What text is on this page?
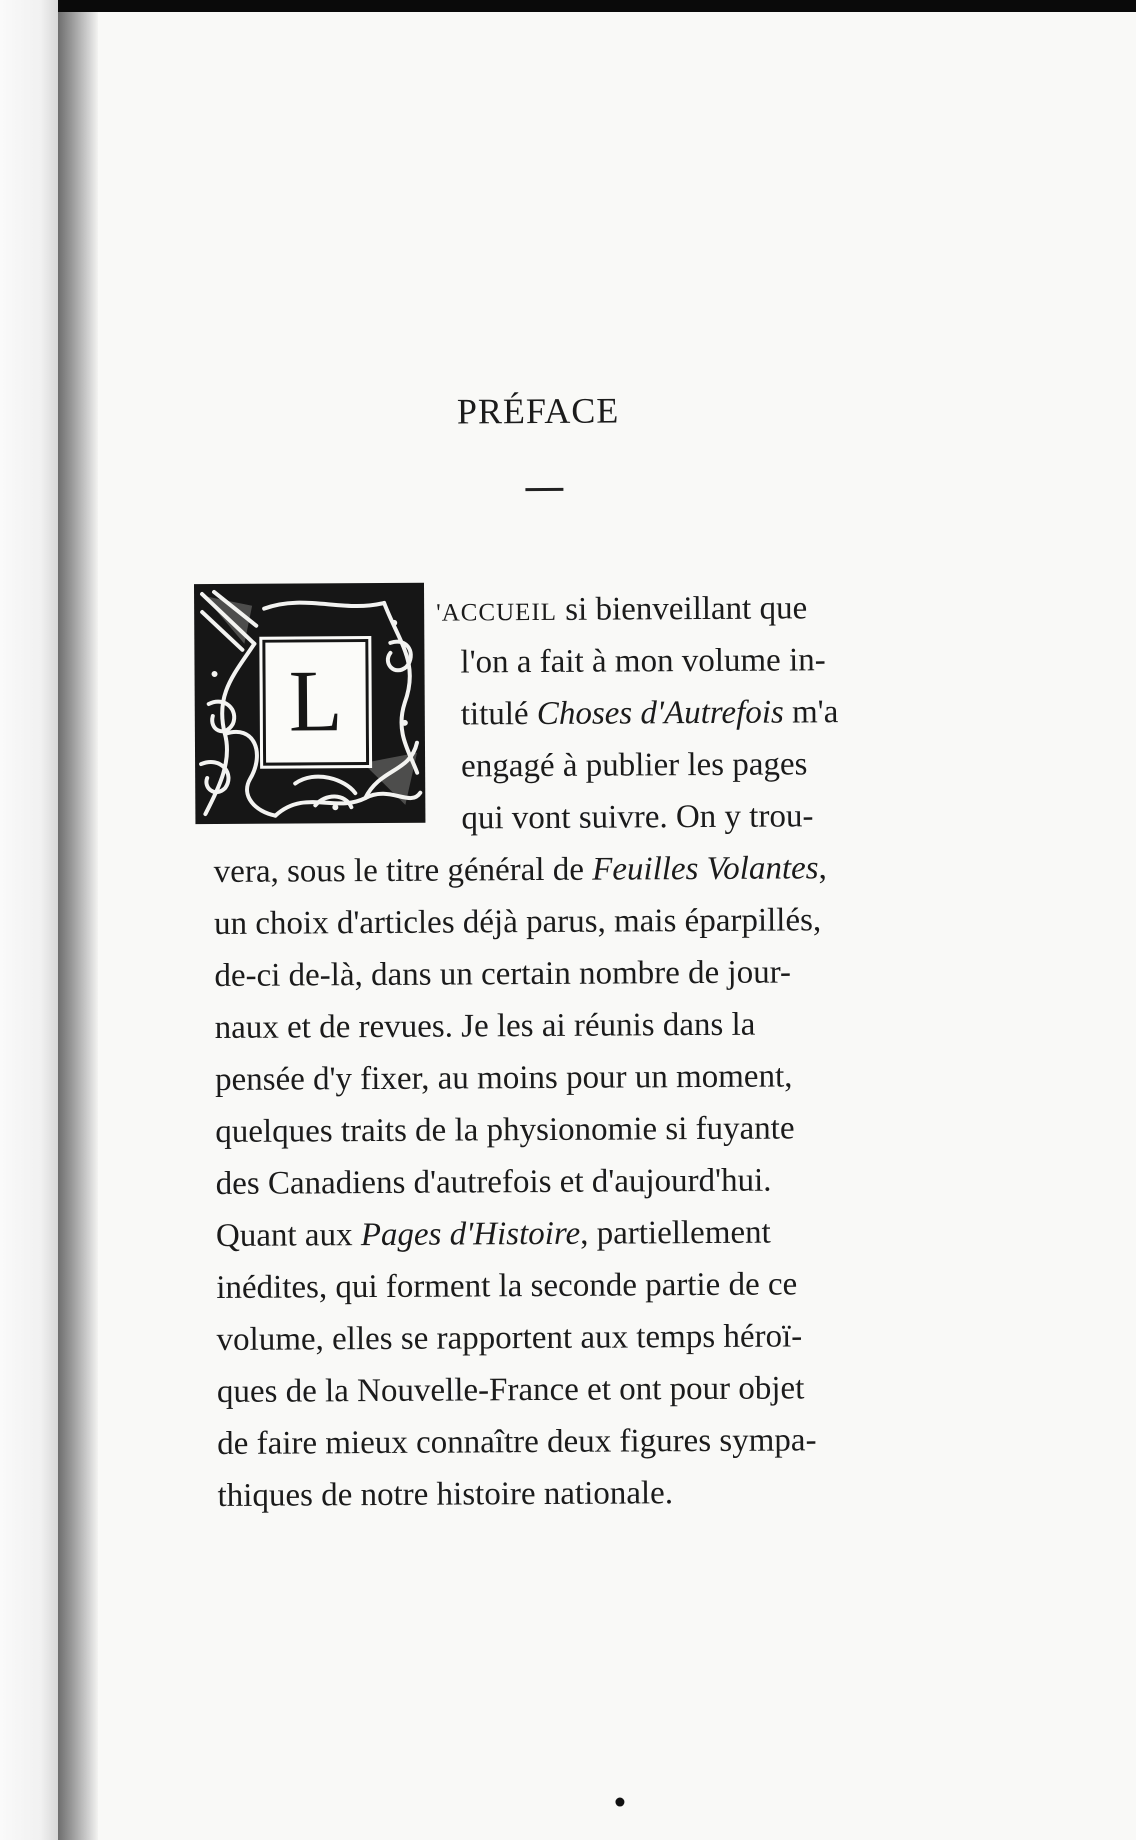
PRÉFACE
L

'ACCUEIL si bienveillant que

l'on a fait à mon volume in-

titulé Choses d'Autrefois m'a

engagé à publier les pages

qui vont suivre. On y trou-

vera, sous le titre général de Feuilles Volantes,

un choix d'articles déjà parus, mais éparpillés,

de-ci de-là, dans un certain nombre de jour-

naux et de revues. Je les ai réunis dans la

pensée d'y fixer, au moins pour un moment,

quelques traits de la physionomie si fuyante

des Canadiens d'autrefois et d'aujourd'hui.

Quant aux Pages d'Histoire, partiellement

inédites, qui forment la seconde partie de ce

volume, elles se rapportent aux temps héroï-

ques de la Nouvelle-France et ont pour objet

de faire mieux connaître deux figures sympa-

thiques de notre histoire nationale.
